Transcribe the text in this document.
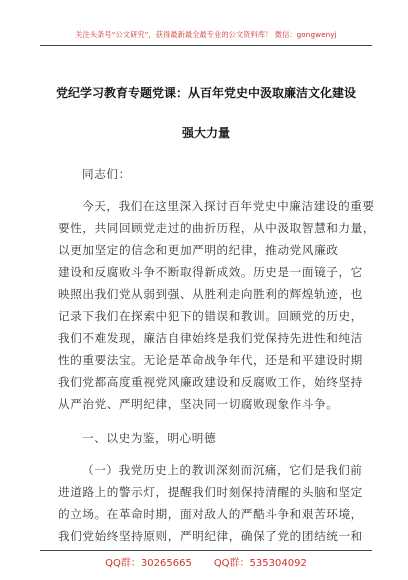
关注头条号“公文研究”，获得最新最全最专业的公文资料库！ 微信：gongwenyj
党纪学习教育专题党课：从百年党史中汲取廉洁文化建设
强大力量
同志们：
今天，我们在这里深入探讨百年党史中廉洁建设的重要
要性，共同回顾党走过的曲折历程，从中汲取智慧和力量，
以更加坚定的信念和更加严明的纪律，推动党风廉政
建设和反腐败斗争不断取得新成效。历史是一面镜子，它
映照出我们党从弱到强、从胜利走向胜利的辉煌轨迹，也
记录下我们在探索中犯下的错误和教训。回顾党的历史，
我们不难发现，廉洁自律始终是我们党保持先进性和纯洁
性的重要法宝。无论是革命战争年代，还是和平建设时期
我们党都高度重视党风廉政建设和反腐败工作，始终坚持
从严治党、严明纪律，坚决同一切腐败现象作斗争。
一、以史为鉴，明心明德
（一）我党历史上的教训深刻而沉痛，它们是我们前
进道路上的警示灯，提醒我们时刻保持清醒的头脑和坚定
的立场。在革命时期，面对敌人的严酷斗争和艰苦环境，
我们党始终坚持原则，严明纪律，确保了党的团结统一和
QQ群：30265665 QQ群：535304092
